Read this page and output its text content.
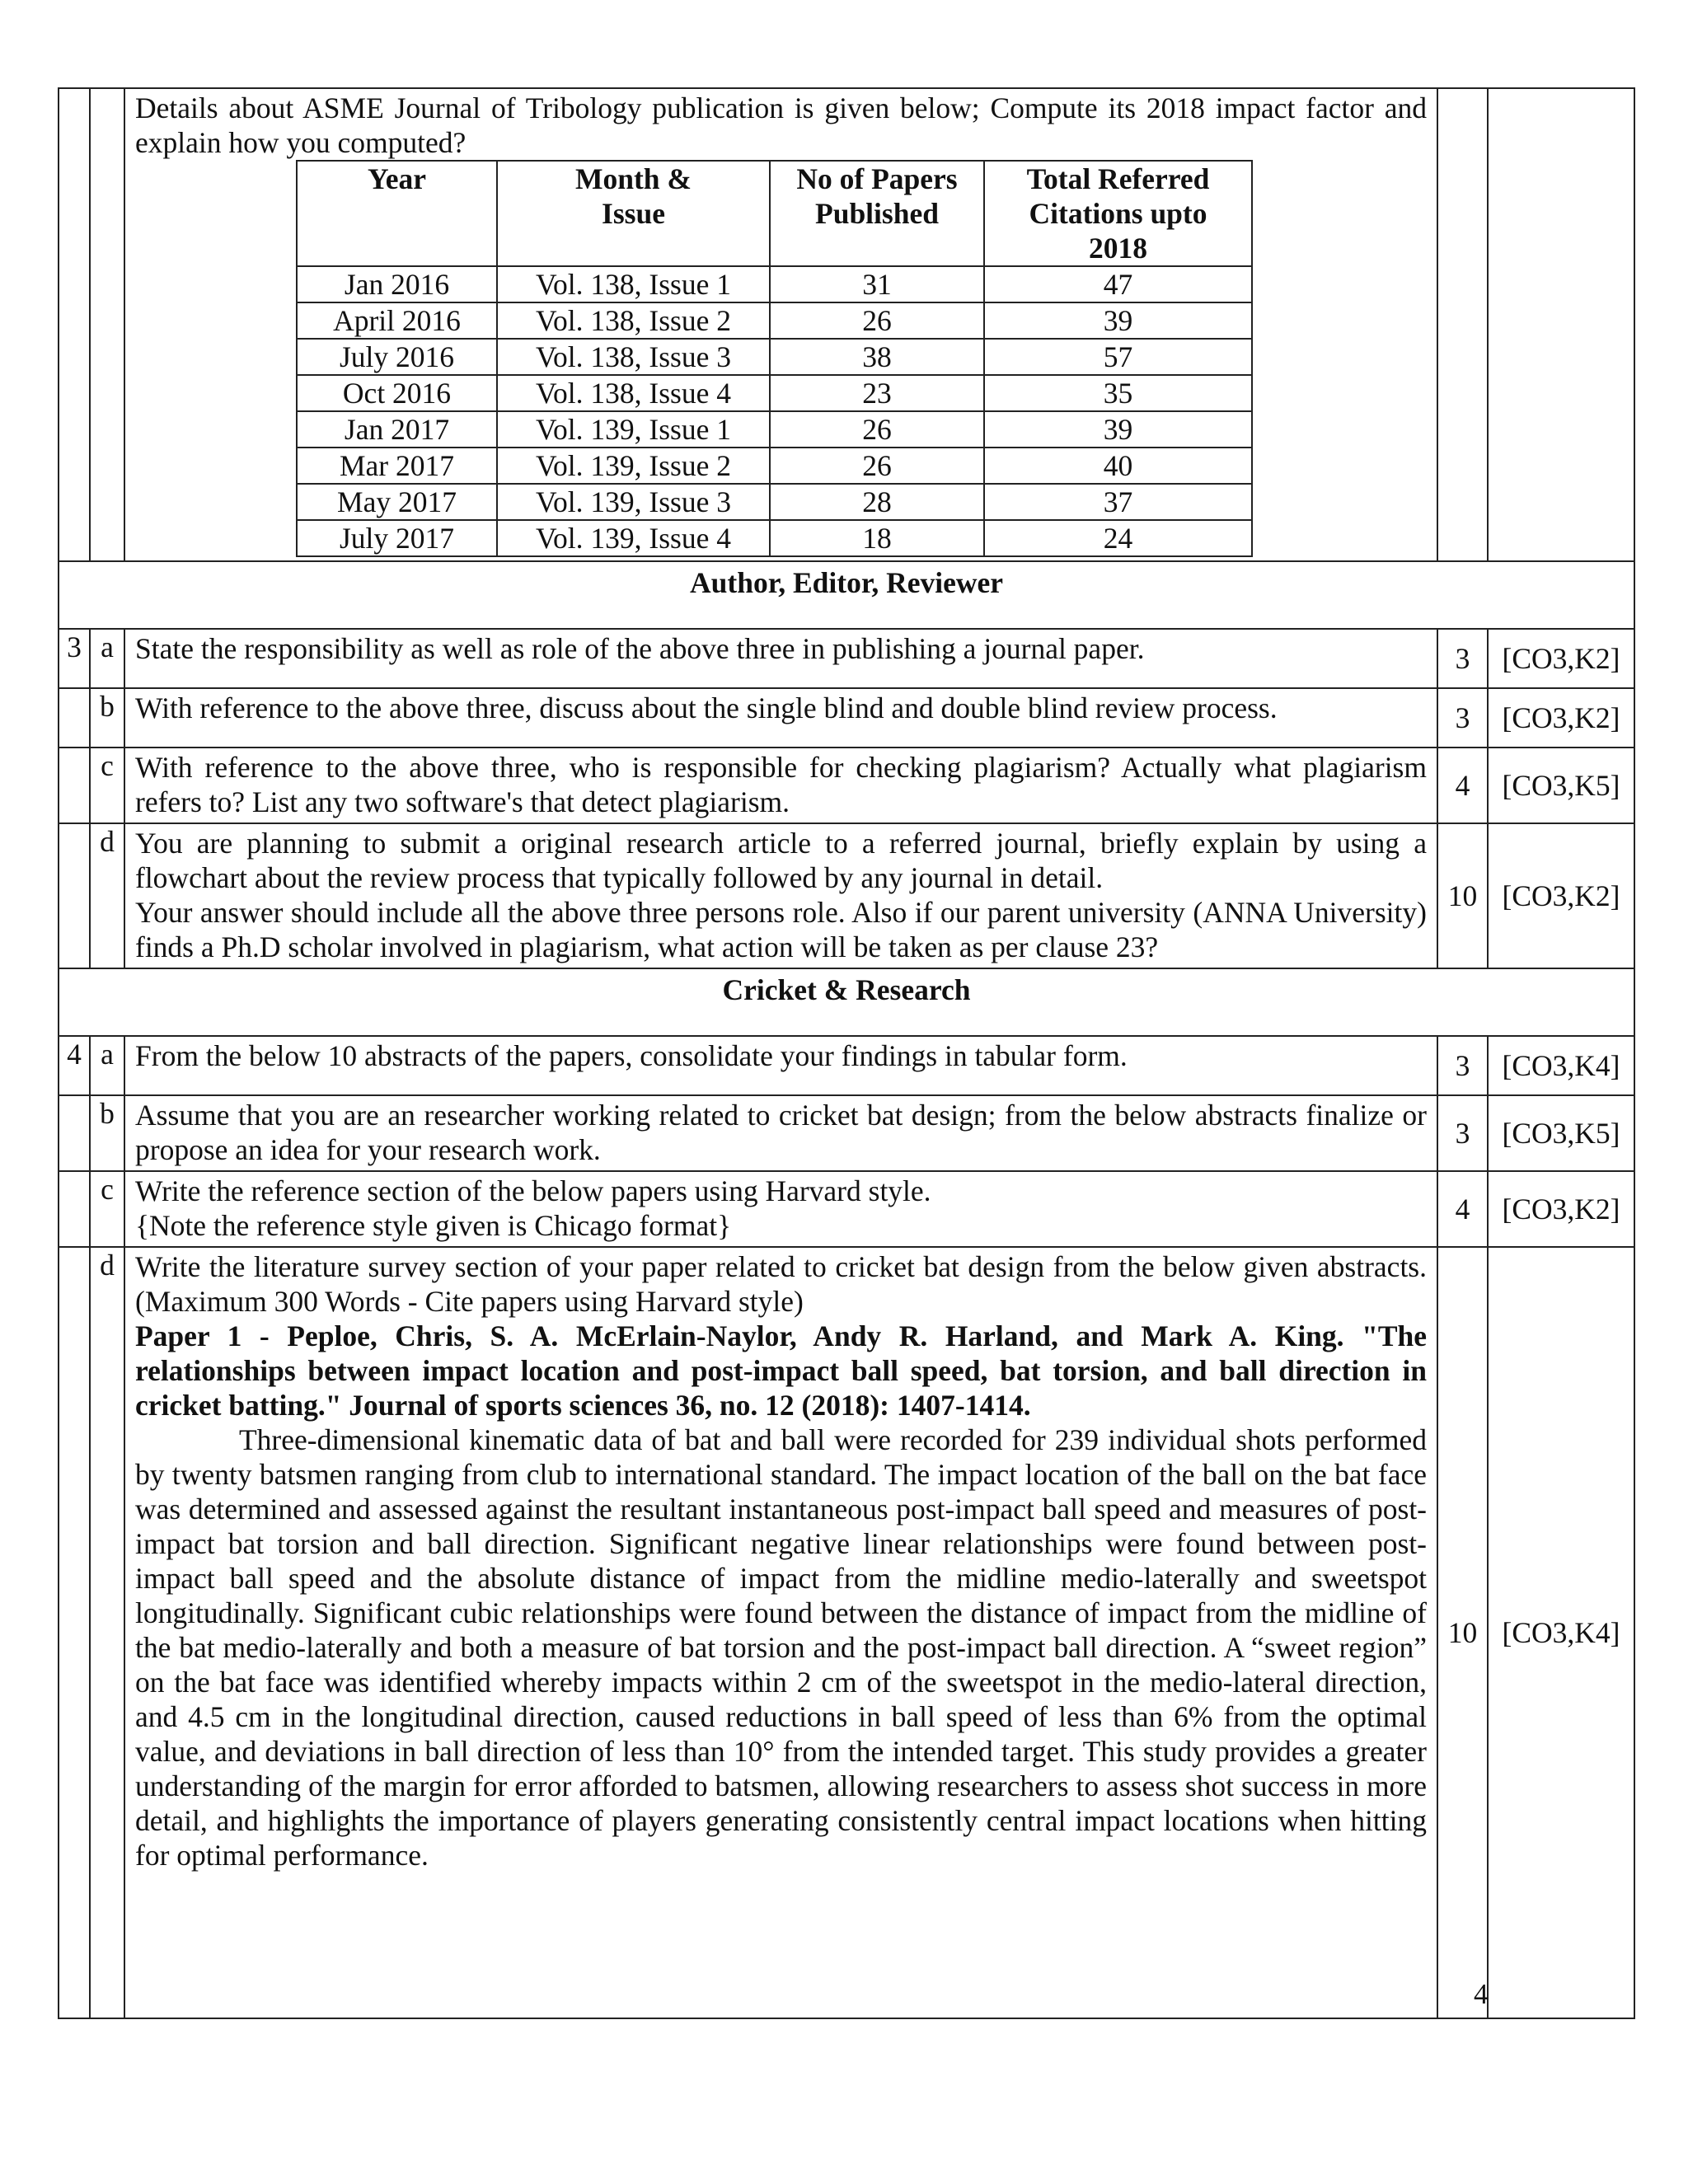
Details about ASME Journal of Tribology publication is given below; Compute its 2018 impact factor and explain how you computed?
Year	Month & Issue	No of Papers Published	Total Referred Citations upto 2018
Jan 2016	Vol. 138, Issue 1	31	47
April 2016	Vol. 138, Issue 2	26	39
July 2016	Vol. 138, Issue 3	38	57
Oct 2016	Vol. 138, Issue 4	23	35
Jan 2017	Vol. 139, Issue 1	26	39
Mar 2017	Vol. 139, Issue 2	26	40
May 2017	Vol. 139, Issue 3	28	37
July 2017	Vol. 139, Issue 4	18	24

Author, Editor, Reviewer
3	a	State the responsibility as well as role of the above three in publishing a journal paper.	3	[CO3,K2]
	b	With reference to the above three, discuss about the single blind and double blind review process.	3	[CO3,K2]
	c	With reference to the above three, who is responsible for checking plagiarism? Actually what plagiarism refers to? List any two software's that detect plagiarism.	4	[CO3,K5]
	d	You are planning to submit a original research article to a referred journal, briefly explain by using a flowchart about the review process that typically followed by any journal in detail.
Your answer should include all the above three persons role. Also if our parent university (ANNA University) finds a Ph.D scholar involved in plagiarism, what action will be taken as per clause 23?
	10	[CO3,K2]
Cricket & Research
4	a	From the below 10 abstracts of the papers, consolidate your findings in tabular form.	3	[CO3,K4]
	b	Assume that you are an researcher working related to cricket bat design; from the below abstracts finalize or propose an idea for your research work.	3	[CO3,K5]
	c	Write the reference section of the below papers using Harvard style.
{Note the reference style given is Chicago format}	4	[CO3,K2]
	d	Write the literature survey section of your paper related to cricket bat design from the below given abstracts. (Maximum 300 Words - Cite papers using Harvard style)
Paper 1 - Peploe, Chris, S. A. McErlain-Naylor, Andy R. Harland, and Mark A. King. "The relationships between impact location and post-impact ball speed, bat torsion, and ball direction in cricket batting." Journal of sports sciences 36, no. 12 (2018): 1407-1414.
Three-dimensional kinematic data of bat and ball were recorded for 239 individual shots performed by twenty batsmen ranging from club to international standard. The impact location of the ball on the bat face was determined and assessed against the resultant instantaneous post-impact ball speed and measures of post-impact bat torsion and ball direction. Significant negative linear relationships were found between post-impact ball speed and the absolute distance of impact from the midline medio-laterally and sweetspot longitudinally. Significant cubic relationships were found between the distance of impact from the midline of the bat medio-laterally and both a measure of bat torsion and the post-impact ball direction. A “sweet region” on the bat face was identified whereby impacts within 2 cm of the sweetspot in the medio-lateral direction, and 4.5 cm in the longitudinal direction, caused reductions in ball speed of less than 6% from the optimal value, and deviations in ball direction of less than 10° from the intended target. This study provides a greater understanding of the margin for error afforded to batsmen, allowing researchers to assess shot success in more detail, and highlights the importance of players generating consistently central impact locations when hitting for optimal performance.
	10	[CO3,K4]
4
